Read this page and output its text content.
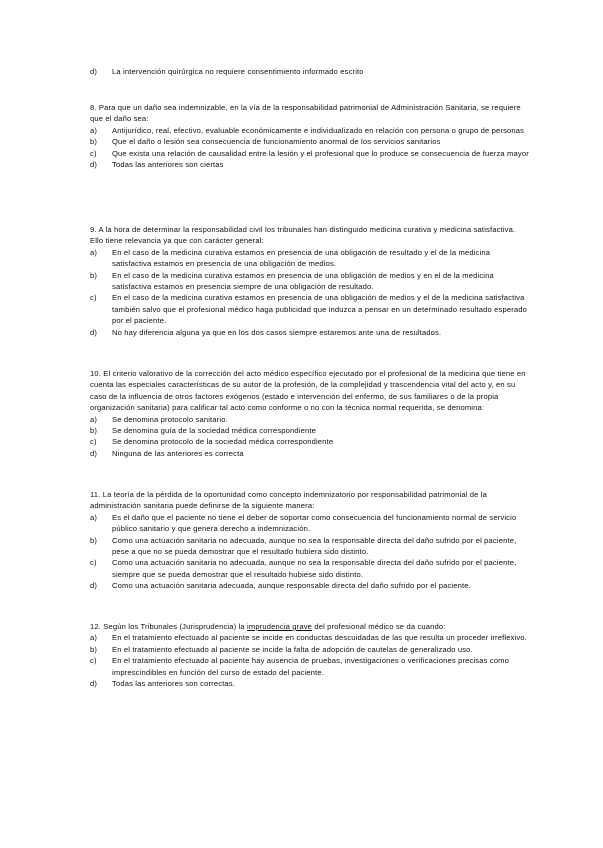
d)	La intervención quirúrgica no requiere consentimiento informado escrito

8. Para que un daño sea indemnizable, en la vía de la responsabilidad patrimonial de Administración Sanitaria, se requiere que el daño sea:

a)	Antijurídico, real, efectivo, evaluable económicamente e individualizado en relación con persona o grupo de personas
b)	Que el daño o lesión sea consecuencia de funcionamiento anormal de los servicios sanitarios
c)	Que exista una relación de causalidad entre la lesión y el profesional que lo produce se consecuencia de fuerza mayor
d)	Todas las anteriores son ciertas

9. A la hora de determinar la responsabilidad civil los tribunales han distinguido medicina curativa y medicina satisfactiva. Ello tiene relevancia ya que con carácter general:

a)	En el caso de la medicina curativa estamos en presencia de una obligación de resultado y el de la medicina satisfactiva estamos en presencia de una obligación de medios.
b)	En el caso de la medicina curativa estamos en presencia de una obligación de medios y en el de la medicina satisfactiva estamos en presencia siempre de una obligación de resultado.
c)	En el caso de la medicina curativa estamos en presencia de una obligación de medios y el de la medicina satisfactiva también salvo que el profesional médico haga publicidad que induzca a pensar en un determinado resultado esperado por el paciente.
d)	No hay diferencia alguna ya que en los dos casos siempre estaremos ante una de resultados.

10. El criterio valorativo de la corrección del acto médico específico ejecutado por el profesional de la medicina que tiene en cuenta las especiales características de su autor de la profesión, de la complejidad y trascendencia vital del acto y, en su caso de la influencia de otros factores exógenos (estado e intervención del enfermo, de sus familiares o de la propia organización sanitaria) para calificar tal acto como conforme o no con la técnica normal requerida, se denomina:

a)	Se denomina protocolo sanitario.
b)	Se denomina guía de la sociedad médica correspondiente
c)	Se denomina protocolo de la sociedad médica correspondiente
d)	Ninguna de las anteriores es correcta

11. La teoría de la pérdida de la oportunidad como concepto indemnizatorio por responsabilidad patrimonial de la administración sanitaria puede definirse de la siguiente manera:

a)	Es el daño que el paciente no tiene el deber de soportar como consecuencia del funcionamiento normal de servicio público sanitario y que genera derecho a indemnización.
b)	Como una actuación sanitaria no adecuada, aunque no sea la responsable directa del daño sufrido por el paciente, pese a que no se pueda demostrar que el resultado hubiera sido distinto.
c)	Como una actuación sanitaria no adecuada, aunque no sea la responsable directa del daño sufrido por el paciente, siempre que se pueda demostrar que el resultado hubiese sido distinto.
d)	Como una actuación sanitaria adecuada, aunque responsable directa del daño sufrido por el paciente.

12. Según los Tribunales (Jurisprudencia) la imprudencia grave del profesional médico se da cuando:

a)	En el tratamiento efectuado al paciente se incide en conductas descuidadas de las que resulta un proceder irreflexivo.
b)	En el tratamiento efectuado al paciente se incide la falta de adopción de cautelas de generalizado uso.
c)	En el tratamiento efectuado al paciente hay ausencia de pruebas, investigaciones o verificaciones precisas como imprescindibles en función del curso de estado del paciente.
d)	Todas las anteriores son correctas.
